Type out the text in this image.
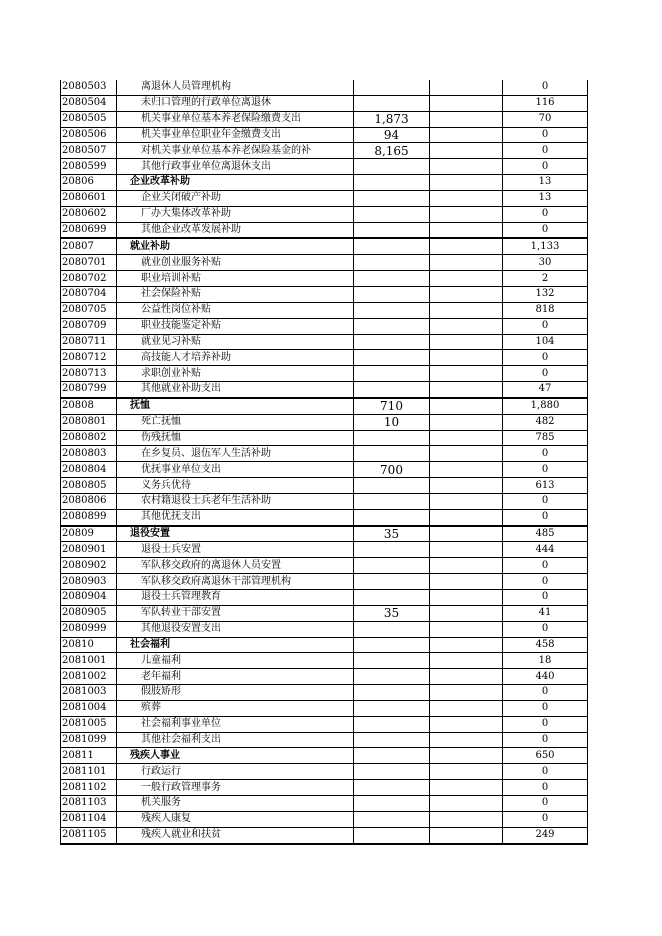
2080503	离退休人员管理机构			0
2080504	未归口管理的行政单位离退休			116
2080505	机关事业单位基本养老保险缴费支出	1,873		70
2080506	机关事业单位职业年金缴费支出	94		0
2080507	对机关事业单位基本养老保险基金的补	8,165		0
2080599	其他行政事业单位离退休支出			0
20806	企业改革补助			13
2080601	企业关闭破产补助			13
2080602	厂办大集体改革补助			0
2080699	其他企业改革发展补助			0
20807	就业补助			1,133
2080701	就业创业服务补贴			30
2080702	职业培训补贴			2
2080704	社会保险补贴			132
2080705	公益性岗位补贴			818
2080709	职业技能鉴定补贴			0
2080711	就业见习补贴			104
2080712	高技能人才培养补助			0
2080713	求职创业补贴			0
2080799	其他就业补助支出			47
20808	抚恤	710		1,880
2080801	死亡抚恤	10		482
2080802	伤残抚恤			785
2080803	在乡复员、退伍军人生活补助			0
2080804	优抚事业单位支出	700		0
2080805	义务兵优待			613
2080806	农村籍退役士兵老年生活补助			0
2080899	其他优抚支出			0
20809	退役安置	35		485
2080901	退役士兵安置			444
2080902	军队移交政府的离退休人员安置			0
2080903	军队移交政府离退休干部管理机构			0
2080904	退役士兵管理教育			0
2080905	军队转业干部安置	35		41
2080999	其他退役安置支出			0
20810	社会福利			458
2081001	儿童福利			18
2081002	老年福利			440
2081003	假肢矫形			0
2081004	殡葬			0
2081005	社会福利事业单位			0
2081099	其他社会福利支出			0
20811	残疾人事业			650
2081101	行政运行			0
2081102	一般行政管理事务			0
2081103	机关服务			0
2081104	残疾人康复			0
2081105	残疾人就业和扶贫			249
